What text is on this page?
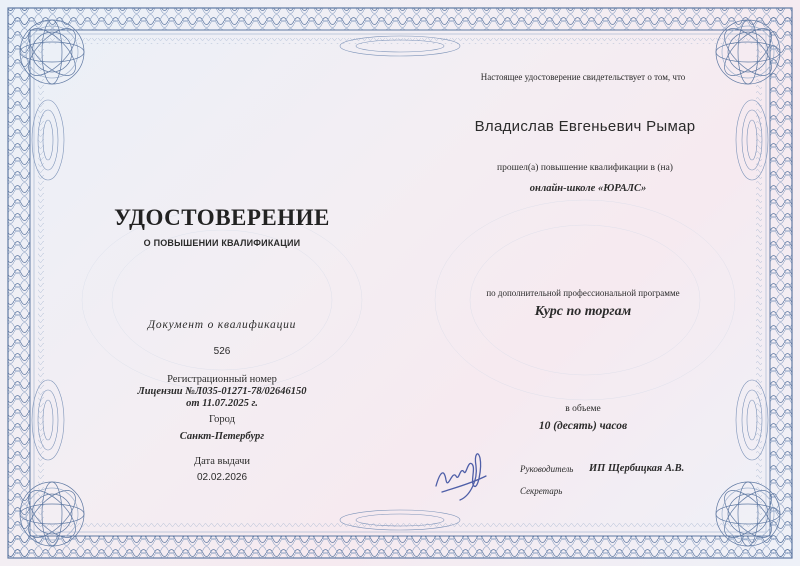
УДОСТОВЕРЕНИЕ
О ПОВЫШЕНИИ КВАЛИФИКАЦИИ
Документ о квалификации
526
Регистрационный номер
Лицензии №Л035-01271-78/02646150
от 11.07.2025 г.
Город
Санкт-Петербург
Дата выдачи
02.02.2026
Настоящее удостоверение свидетельствует о том, что
Владислав Евгеньевич Рымар
прошел(а) повышение квалификации в (на)
онлайн-школе «ЮРАЛС»
по дополнительной профессиональной программе
Курс по торгам
в объеме
10 (десять) часов
Руководитель ИП Щербицкая А.В.
Секретарь
